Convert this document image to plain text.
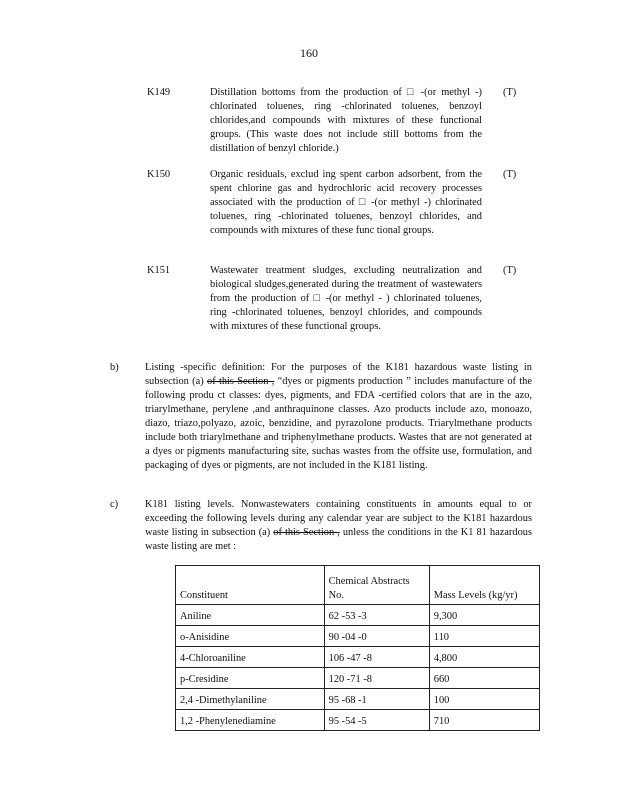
160
K149	Distillation bottoms from the production of □ -(or methyl -) chlorinated toluenes, ring -chlorinated toluenes, benzoyl chlorides,and compounds with mixtures of these functional groups. (This waste does not include still bottoms from the distillation of benzyl chloride.)
(T)
K150	Organic residuals, exclud ing spent carbon adsorbent, from the spent chlorine gas and hydrochloric acid recovery processes associated with the production of □ -(or methyl -) chlorinated toluenes, ring -chlorinated toluenes, benzoyl chlorides, and compounds with mixtures of these func tional groups.
(T)
K151	Wastewater treatment sludges, excluding neutralization and biological sludges,generated during the treatment of wastewaters from the production of □ -(or methyl - ) chlorinated toluenes, ring -chlorinated toluenes, benzoyl chlorides, and compounds with mixtures of these functional groups.
(T)
b)	Listing -specific definition: For the purposes of the K181 hazardous waste listing in subsection (a) of this Section , “dyes or pigments production ” includes manufacture of the following produ ct classes: dyes, pigments, and FDA -certified colors that are in the azo, triarylmethane, perylene ,and anthraquinone classes. Azo products include azo, monoazo, diazo, triazo,polyazo, azoic, benzidine, and pyrazolone products. Triarylmethane products include both triarylmethane and triphenylmethane products. Wastes that are not generated at a dyes or pigments manufacturing site, suchas wastes from the offsite use, formulation, and packaging of dyes or pigments, are not included in the K181 listing.
c)	K181 listing levels. Nonwastewaters containing constituents in amounts equal to or exceeding the following levels during any calendar year are subject to the K181 hazardous waste listing in subsection (a) of this Section , unless the conditions in the K1 81 hazardous waste listing are met :
Constituent	Chemical Abstracts No.	Mass Levels (kg/yr)
Aniline	62 -53 -3	9,300
o-Anisidine	90 -04 -0	110
4-Chloroaniline	106 -47 -8	4,800
p-Cresidine	120 -71 -8	660
2,4 -Dimethylaniline	95 -68 -1	100
1,2 -Phenylenediamine	95 -54 -5	710
